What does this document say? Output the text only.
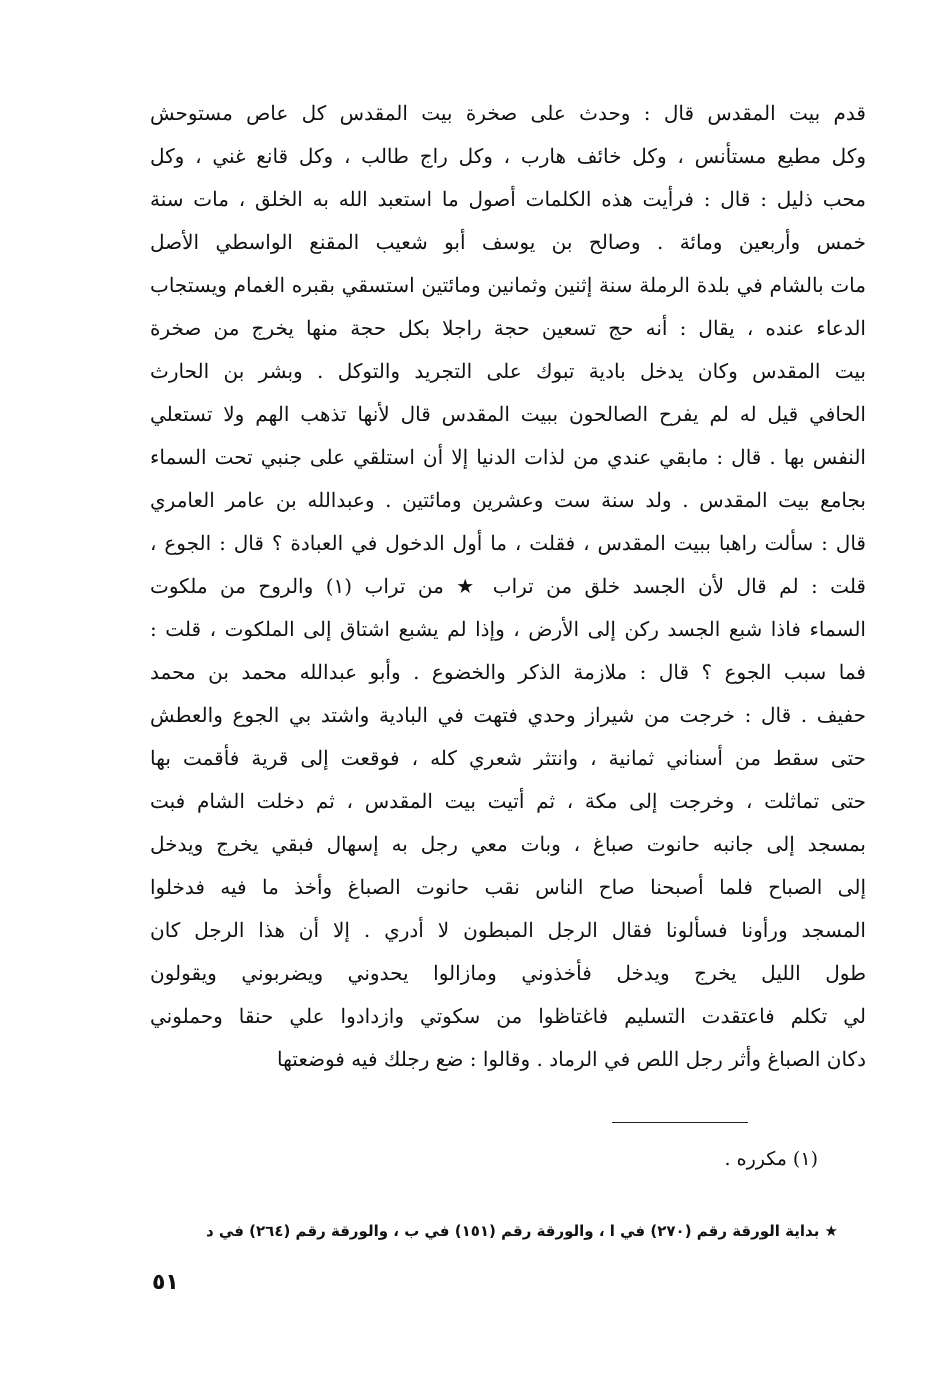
قدم بيت المقدس قال : وحدث على صخرة بيت المقدس كل عاص مستوحش
وكل مطيع مستأنس ، وكل خائف هارب ، وكل راج طالب ، وكل قانع غني ، وكل
محب ذليل : قال : فرأيت هذه الكلمات أصول ما استعبد الله به الخلق ، مات سنة
خمس وأربعين ومائة . وصالح بن يوسف أبو شعيب المقنع الواسطي الأصل
مات بالشام في بلدة الرملة سنة إثنين وثمانين ومائتين استسقي بقبره الغمام ويستجاب
الدعاء عنده ، يقال : أنه حج تسعين حجة راجلا بكل حجة منها يخرج من صخرة
بيت المقدس وكان يدخل بادية تبوك على التجريد والتوكل . وبشر بن الحارث
الحافي قيل له لم يفرح الصالحون ببيت المقدس قال لأنها تذهب الهم ولا تستعلي
النفس بها . قال : مابقي عندي من لذات الدنيا إلا أن استلقي على جنبي تحت السماء
بجامع بيت المقدس . ولد سنة ست وعشرين ومائتين . وعبدالله بن عامر العامري
قال : سألت راهبا ببيت المقدس ، فقلت ، ما أول الدخول في العبادة ؟ قال : الجوع ،
قلت : لم قال لأن الجسد خلق من تراب ★ من تراب (١) والروح من ملكوت
السماء فاذا شبع الجسد ركن إلى الأرض ، وإذا لم يشبع اشتاق إلى الملكوت ، قلت :
فما سبب الجوع ؟ قال : ملازمة الذكر والخضوع . وأبو عبدالله محمد بن محمد
حفيف . قال : خرجت من شيراز وحدي فتهت في البادية واشتد بي الجوع والعطش
حتى سقط من أسناني ثمانية ، وانتثر شعري كله ، فوقعت إلى قرية فأقمت بها
حتى تماثلت ، وخرجت إلى مكة ، ثم أتيت بيت المقدس ، ثم دخلت الشام فبت
بمسجد إلى جانبه حانوت صباغ ، وبات معي رجل به إسهال فبقي يخرج ويدخل
إلى الصباح فلما أصبحنا صاح الناس نقب حانوت الصباغ وأخذ ما فيه فدخلوا
المسجد ورأونا فسألونا فقال الرجل المبطون لا أدري . إلا أن هذا الرجل كان
طول الليل يخرج ويدخل فأخذوني ومازالوا يحدوني ويضربوني ويقولون
لي تكلم فاعتقدت التسليم فاغتاظوا من سكوتي وازدادوا علي حنقا وحملوني
دكان الصباغ وأثر رجل اللص في الرماد . وقالوا : ضع رجلك فيه فوضعتها
(١) مكرره .
★ بداية الورقة رقم (٢٧٠) في ا ، والورقة رقم (١٥١) في ب ، والورقة رقم (٢٦٤) في د
٥١
